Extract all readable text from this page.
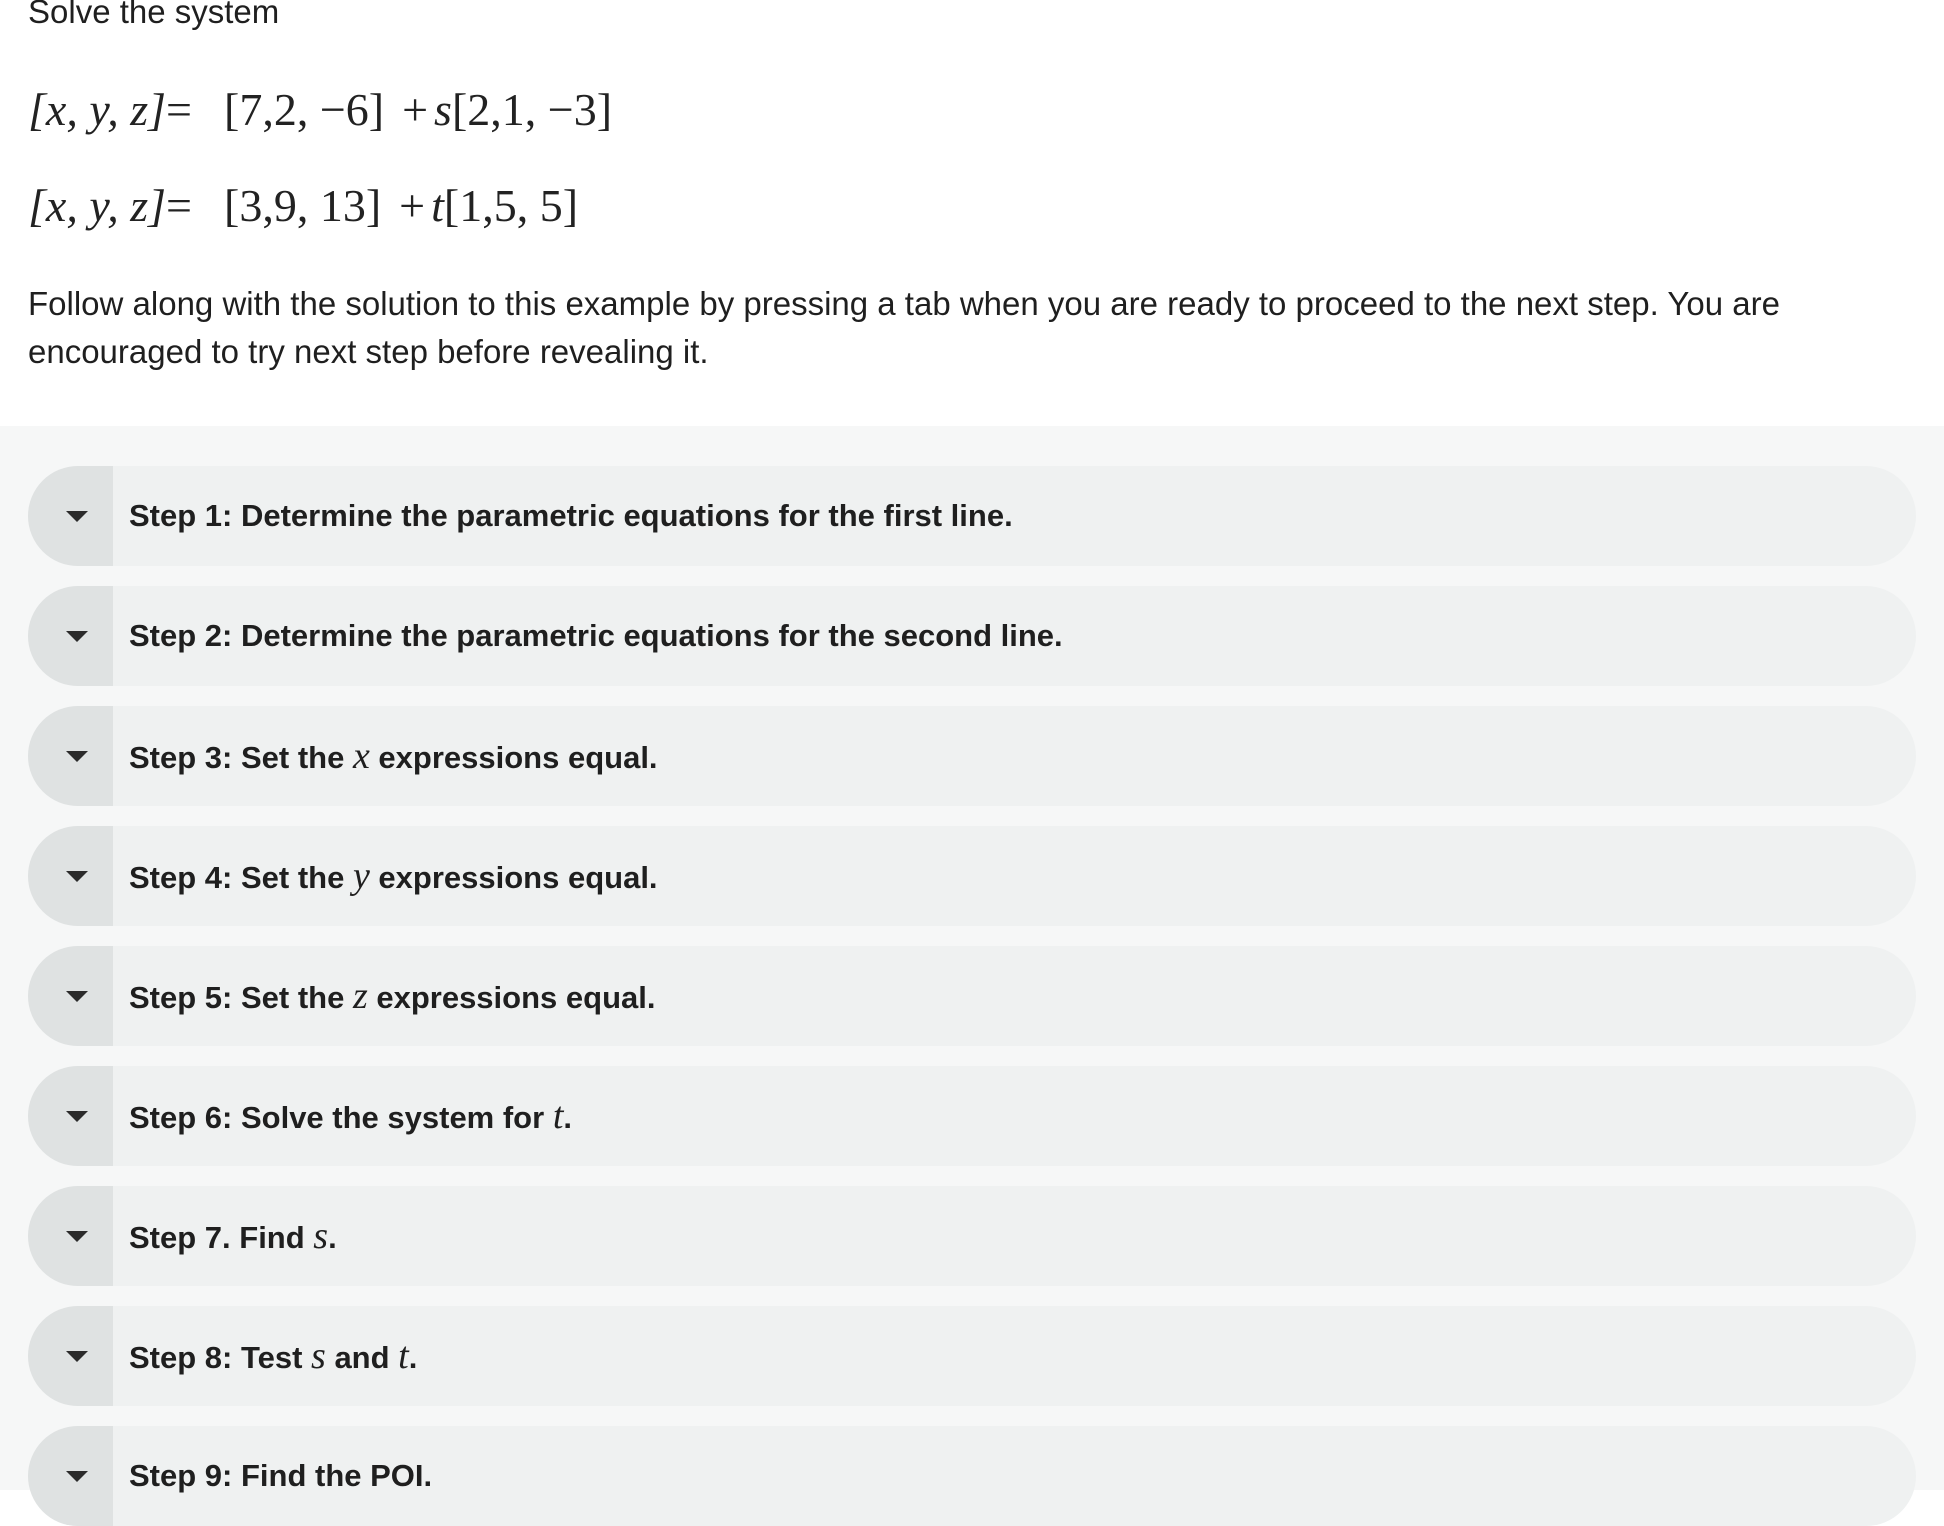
Solve the system
[x, y, z]= [7,2, −6] + s[2,1, −3]
[x, y, z]= [3,9, 13] + t[1,5, 5]

Follow along with the solution to this example by pressing a tab when you are ready to proceed to the next step. You are encouraged to try next step before revealing it.

Step 1: Determine the parametric equations for the first line.
Step 2: Determine the parametric equations for the second line.
Step 3: Set the x expressions equal.
Step 4: Set the y expressions equal.
Step 5: Set the z expressions equal.
Step 6: Solve the system for t.
Step 7. Find s.
Step 8: Test s and t.
Step 9: Find the POI.
